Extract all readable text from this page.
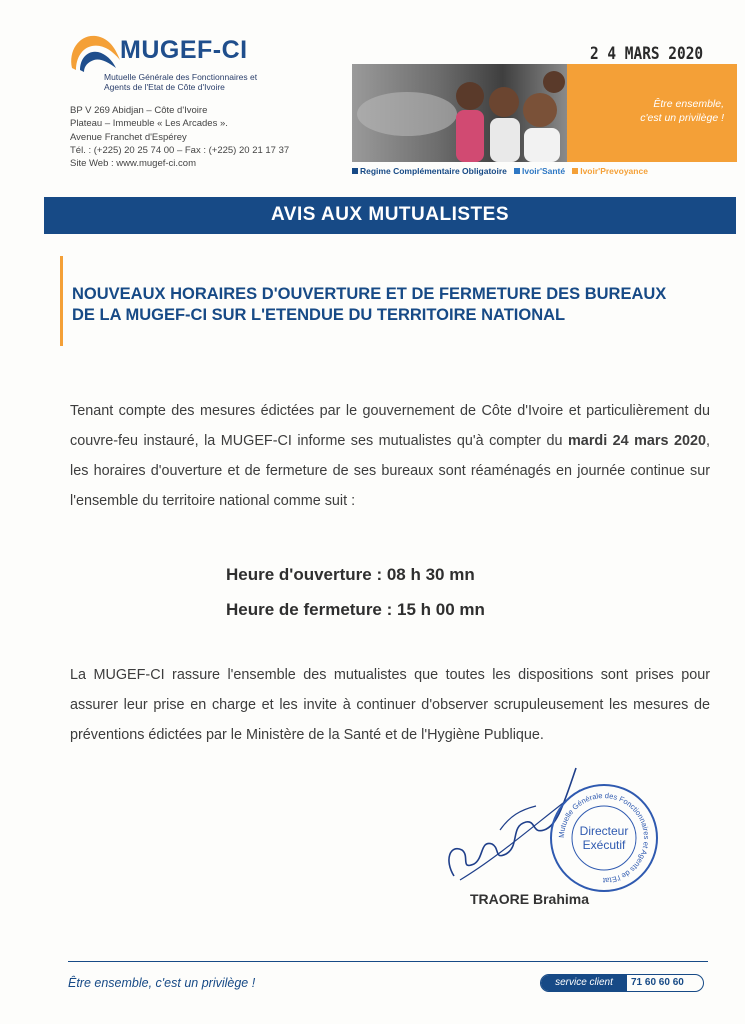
MUGEF-CI
Mutuelle Générale des Fonctionnaires et Agents de l'Etat de Côte d'Ivoire
BP V 269 Abidjan – Côte d'Ivoire
Plateau – Immeuble « Les Arcades ».
Avenue Franchet d'Espérey
Tél. : (+225) 20 25 74 00 – Fax : (+225) 20 21 17 37
Site Web : www.mugef-ci.com
2 4 MARS 2020
Être ensemble,
c'est un privilège !
Regime Complémentaire Obligatoire Ivoir'Santé Ivoir'Prevoyance
AVIS AUX MUTUALISTES
NOUVEAUX HORAIRES D'OUVERTURE ET DE FERMETURE DES BUREAUX
DE LA MUGEF-CI SUR L'ETENDUE DU TERRITOIRE NATIONAL
Tenant compte des mesures édictées par le gouvernement de Côte d'Ivoire et particulièrement du couvre-feu instauré, la MUGEF-CI informe ses mutualistes qu'à compter du mardi 24 mars 2020, les horaires d'ouverture et de fermeture de ses bureaux sont réaménagés en journée continue sur l'ensemble du territoire national comme suit :
Heure d'ouverture : 08 h 30 mn
Heure de fermeture : 15 h 00 mn
La MUGEF-CI rassure l'ensemble des mutualistes que toutes les dispositions sont prises pour assurer leur prise en charge et les invite à continuer d'observer scrupuleusement les mesures de préventions édictées par le Ministère de la Santé et de l'Hygiène Publique.
Mutuelle Générale des Fonctionnaires et Agents de l'Etat
Directeur
Exécutif
TRAORE Brahima
Être ensemble, c'est un privilège !	service client	71 60 60 60
